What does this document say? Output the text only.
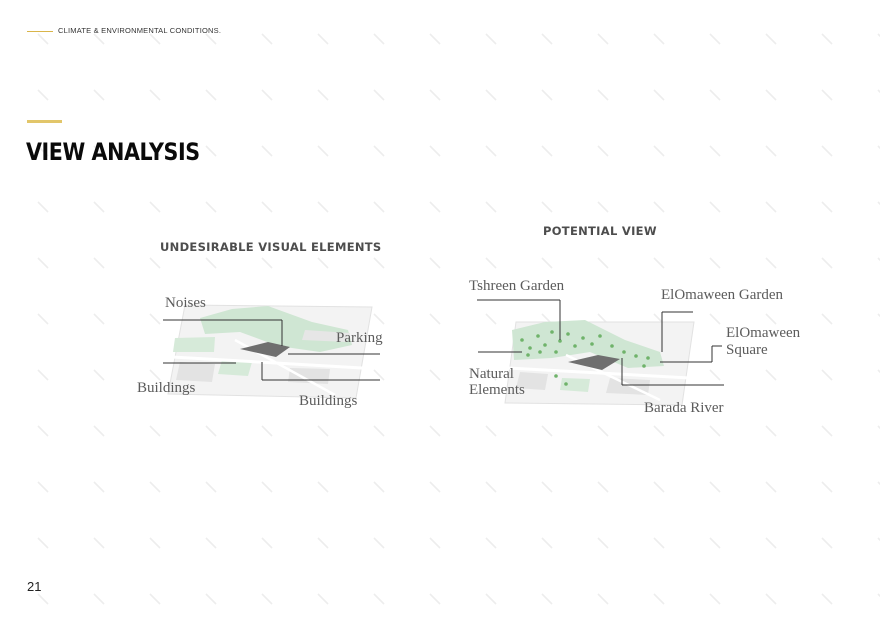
CLIMATE & ENVIRONMENTAL CONDITIONS.
VIEW ANALYSIS
UNDESIRABLE VISUAL ELEMENTS
POTENTIAL VIEW
Noises
Parking
Buildings
Buildings
Tshreen Garden
ElOmaween Garden
ElOmaween
Square
Natural
Elements
Barada River
21
